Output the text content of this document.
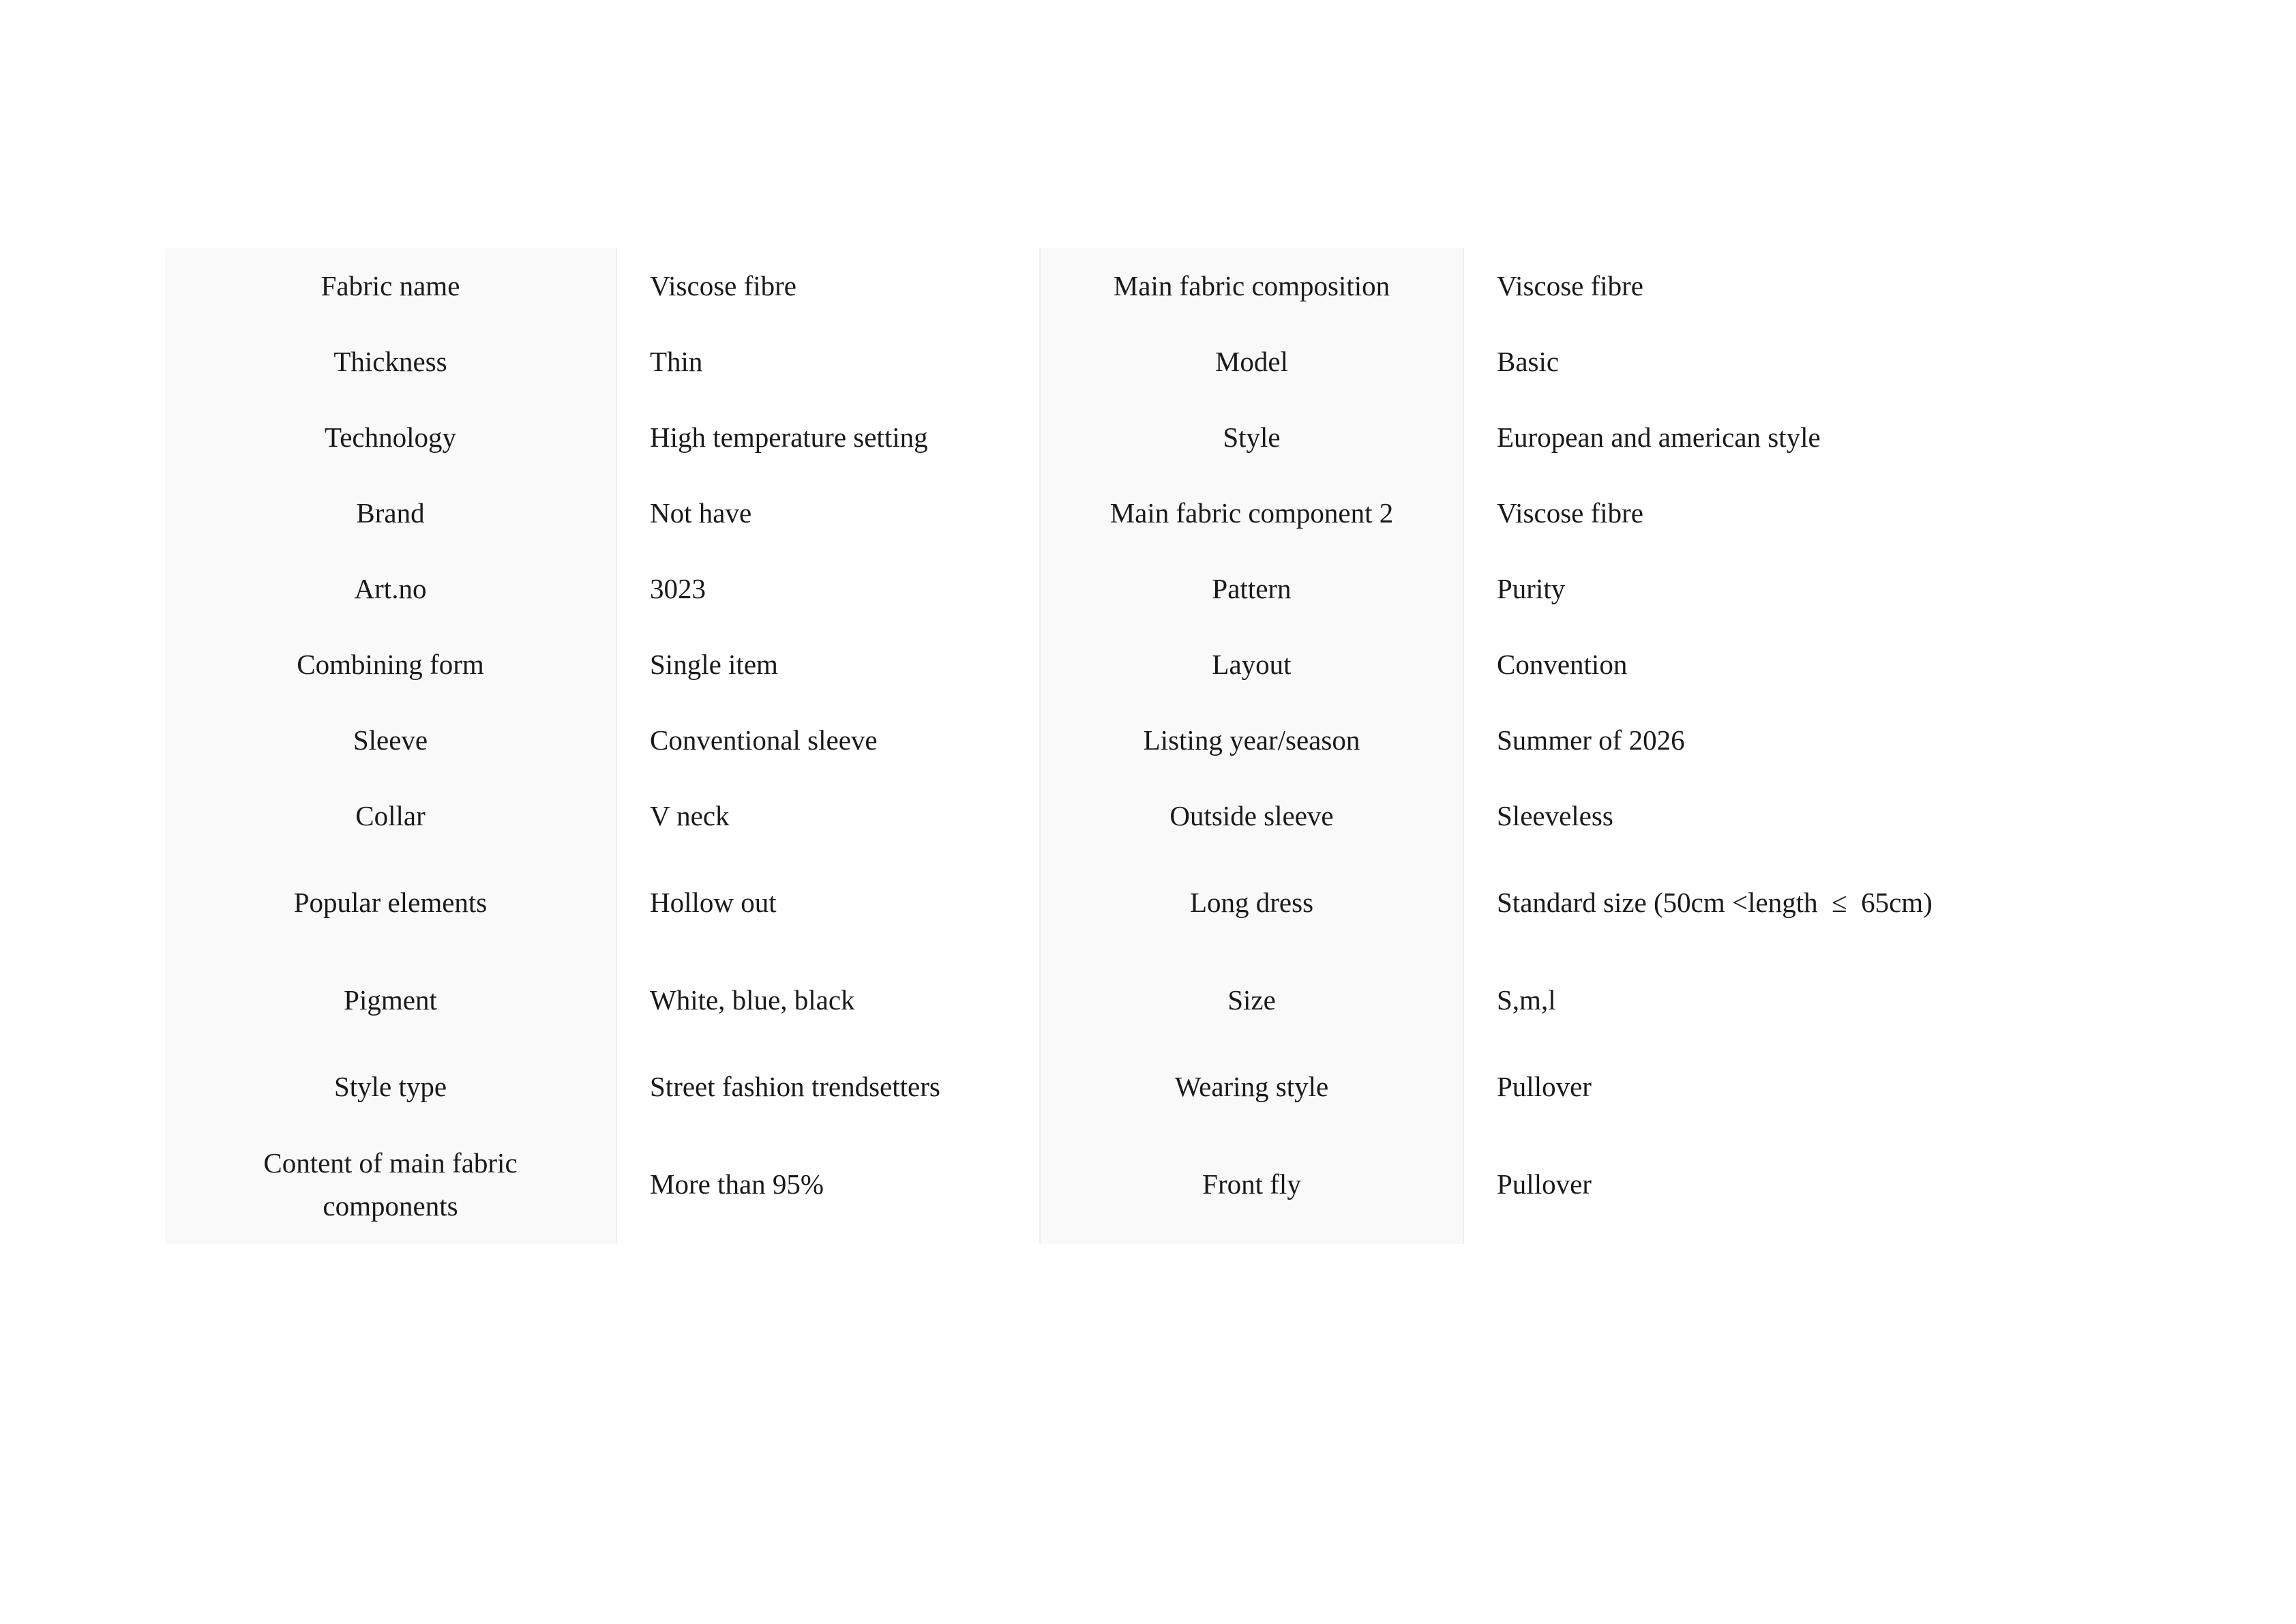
Fabric name	Viscose fibre	Main fabric composition	Viscose fibre
Thickness	Thin	Model	Basic
Technology	High temperature setting	Style	European and american style
Brand	Not have	Main fabric component 2	Viscose fibre
Art.no	3023	Pattern	Purity
Combining form	Single item	Layout	Convention
Sleeve	Conventional sleeve	Listing year/season	Summer of 2026
Collar	V neck	Outside sleeve	Sleeveless
Popular elements	Hollow out	Long dress	Standard size (50cm <length  ≤  65cm)
Pigment	White, blue, black	Size	S,m,l
Style type	Street fashion trendsetters	Wearing style	Pullover
Content of main fabric components	More than 95%	Front fly	Pullover
